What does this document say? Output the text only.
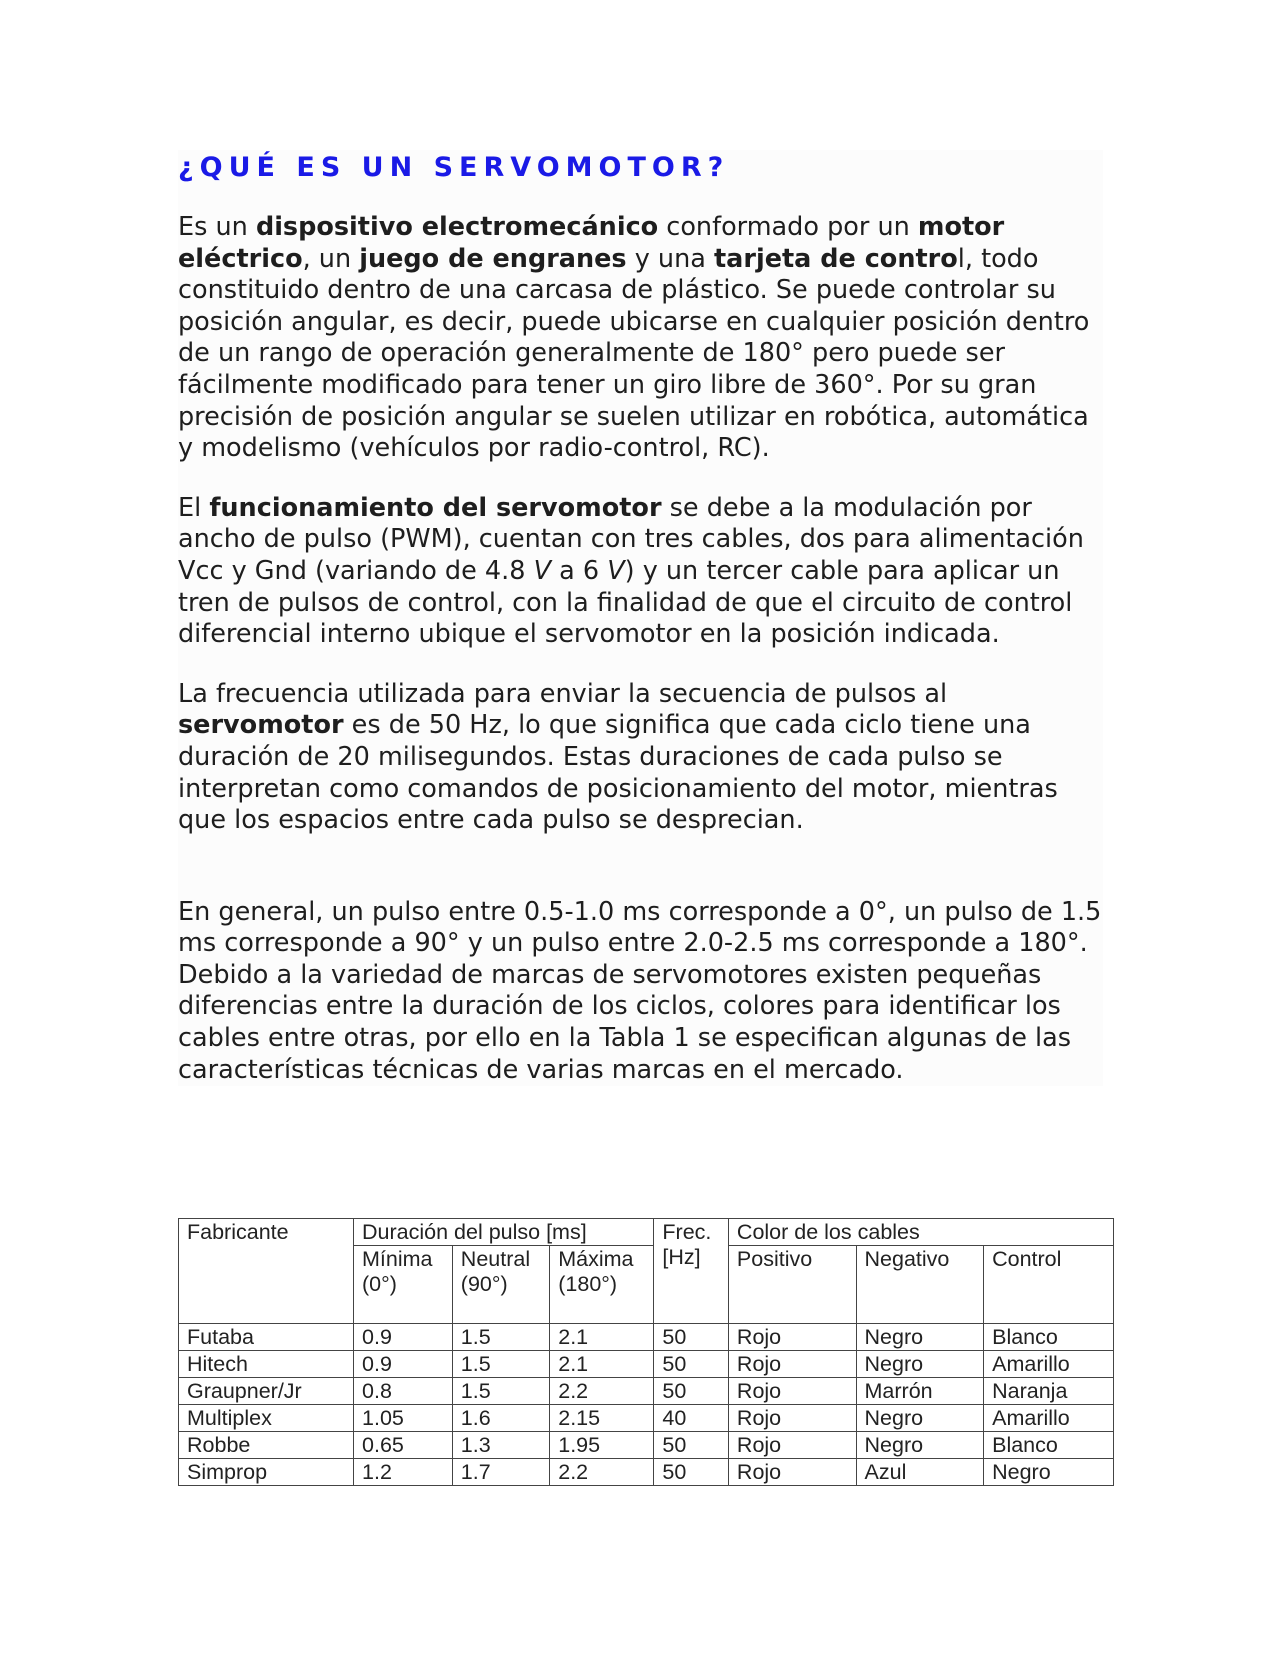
¿QUÉ ES UN SERVOMOTOR?

Es un dispositivo electromecánico conformado por un motor eléctrico, un juego de engranes y una tarjeta de control, todo constituido dentro de una carcasa de plástico. Se puede controlar su posición angular, es decir, puede ubicarse en cualquier posición dentro de un rango de operación generalmente de 180° pero puede ser fácilmente modificado para tener un giro libre de 360°. Por su gran precisión de posición angular se suelen utilizar en robótica, automática y modelismo (vehículos por radio-control, RC).

El funcionamiento del servomotor se debe a la modulación por ancho de pulso (PWM), cuentan con tres cables, dos para alimentación Vcc y Gnd (variando de 4.8 V a 6 V) y un tercer cable para aplicar un tren de pulsos de control, con la finalidad de que el circuito de control diferencial interno ubique el servomotor en la posición indicada.

La frecuencia utilizada para enviar la secuencia de pulsos al servomotor es de 50 Hz, lo que significa que cada ciclo tiene una duración de 20 milisegundos. Estas duraciones de cada pulso se interpretan como comandos de posicionamiento del motor, mientras que los espacios entre cada pulso se desprecian.

En general, un pulso entre 0.5-1.0 ms corresponde a 0°, un pulso de 1.5 ms corresponde a 90° y un pulso entre 2.0-2.5 ms corresponde a 180°.

Debido a la variedad de marcas de servomotores existen pequeñas diferencias entre la duración de los ciclos, colores para identificar los cables entre otras, por ello en la Tabla 1 se especifican algunas de las características técnicas de varias marcas en el mercado.

Fabricante	Duración del pulso [ms]			Frec. [Hz]	Color de los cables		
	Mínima (0°)	Neutral (90°)	Máxima (180°)		Positivo	Negativo	Control
Futaba	0.9	1.5	2.1	50	Rojo	Negro	Blanco
Hitech	0.9	1.5	2.1	50	Rojo	Negro	Amarillo
Graupner/Jr	0.8	1.5	2.2	50	Rojo	Marrón	Naranja
Multiplex	1.05	1.6	2.15	40	Rojo	Negro	Amarillo
Robbe	0.65	1.3	1.95	50	Rojo	Negro	Blanco
Simprop	1.2	1.7	2.2	50	Rojo	Azul	Negro
